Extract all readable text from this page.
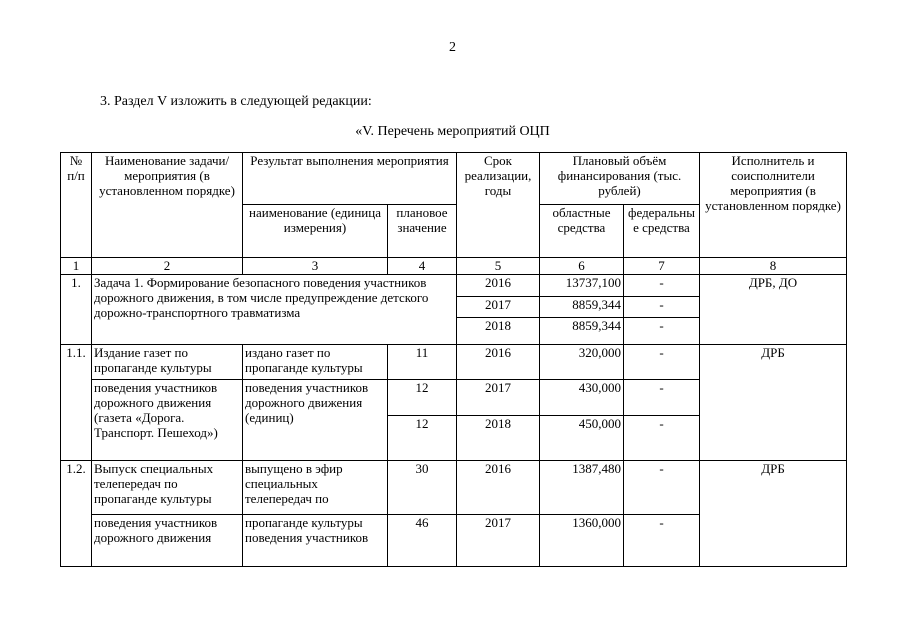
2
3. Раздел V изложить в следующей редакции:
«V. Перечень мероприятий ОЦП
№ п/п	Наименование задачи/ мероприятия (в установленном порядке)	Результат выполнения мероприятия		Срок реализации, годы	Плановый объём финансирования (тыс. рублей)		Исполнитель и соисполнители мероприятия (в установленном порядке)
		наименование (единица измерения)	плановое значение		областные средства	федеральные средства	
1	2	3	4	5	6	7	8
1.	Задача 1. Формирование безопасного поведения участников дорожного движения, в том числе предупреждение детского дорожно-транспортного травматизма			2016	13737,100	-	ДРБ, ДО
				2017	8859,344	-	
				2018	8859,344	-	
1.1.	Издание газет по пропаганде культуры	издано газет по пропаганде культуры	11	2016	320,000	-	ДРБ
	поведения участников дорожного движения (газета «Дорога. Транспорт. Пешеход»)	поведения участников дорожного движения (единиц)	12	2017	430,000	-	
			12	2018	450,000	-	
1.2.	Выпуск специальных телепередач по пропаганде культуры	выпущено в эфир специальных телепередач по	30	2016	1387,480	-	ДРБ
	поведения участников дорожного движения	пропаганде культуры поведения участников	46	2017	1360,000	-	
